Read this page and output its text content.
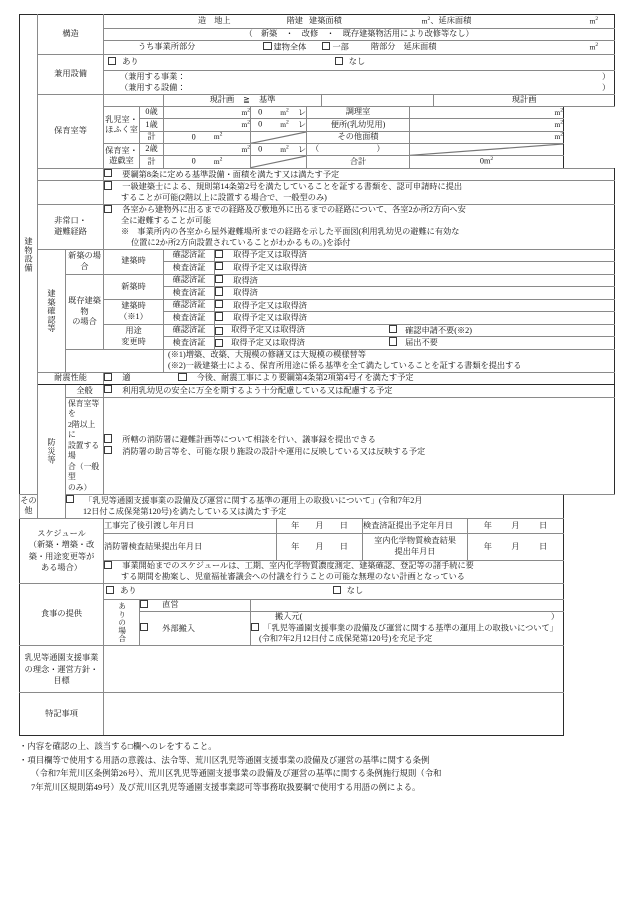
建物設備
	構造	
造 地上	階建 建築面積	$m^2$ 、延床面積	$m^2$

			（　新築　・　改修　・　既存建築物活用により改修等なし）											

			うち事業所部分 建物全体 一部 階部分　延床面積 $m^2$

	兼用設備		あり なし											

			（兼用する事業： ）
（兼用する設備： ）											

	保育室等				現計画 ≧ 基準								現計画	

			乳児室・
ほふく室	0歳	$m^2$		0 $m^2$ レ		調理室			$m^2$
				1歳	$m^2$		0 $m^2$ レ		便所(乳幼児用)			$m^2$
				計	0 $m^2$				その他面積			$m^2$

			保育室・
遊戯室	2歳	$m^2$		0 $m^2$ レ		（　　　　　　　）	

				計	0 $m^2$				合計			$0m^2$
			要綱第8条に定める基準設備・面積を満たす又は満たす予定											
			一級建築士による、規則第14条第2号を満たしていることを証する書類を、認可申請時に提出
することが可能(2階以上に設置する場合で、一般型のみ)											

	非常口・
避難経路		各室から建物外に出るまでの経路及び敷地外に出るまでの経路について、各室2か所2方向へ安
全に避難することが可能
※　事業所内の各室から屋外避難場所までの経路を示した平面図(利用乳幼児の避難に有効な
位置に2か所2方向設置されていることがわかるもの。)を添付											

	建築確認等	新築の場合	建築時		確認済証	取得予定又は取得済								
					検査済証	取得予定又は取得済								

		既存建築物
の場合	新築時		確認済証	取得済								
					検査済証	取得済								

			建築時
（※1）		確認済証	取得予定又は取得済								
					検査済証	取得予定又は取得済								

			用途
変更時		確認済証	取得予定又は取得済 確認申請不要(※2)								

					検査済証	取得予定又は取得済 届出不要								

					(※1)増築、改築、大規模の修繕又は大規模の模様替等
(※2)一級建築士による、保育所用途に係る基準を全て満たしていることを証する書類を提出する									

	耐震性能		適 今後、耐震工事により要綱第4条第2項第4号イを満たす予定											

	防災等	全般	利用乳幼児の安全に万全を期するよう十分配慮している又は配慮する予定											

保育室等を
2階以上に
設置する場
合（一般型
のみ）

所轄の消防署に避難計画等について相談を行い、議事録を提出できる
消防署の助言等を、可能な限り施設の設計や運用に反映している又は反映する予定

その他		「乳児等通園支援事業の設備及び運営に関する基準の運用上の取扱いについて」(令和7年2月
12日付こ成保発第120号)を満たしている又は満たす予定												

スケジュール
（新築・増築・改
築・用途変更等が
ある場合）			工事完了後引渡し年月日					年 月 日			検査済証提出予定年月日			年 月 日

			消防署検査結果提出年月日					年 月 日			室内化学物質検査結果
提出年月日			年 月 日

			事業開始までのスケジュールは、工期、室内化学物質濃度測定、建築確認、登記等の諸手続に要
する期間を勘案し、児童福祉審議会への付議を行うことの可能な無理のない計画となっている											

食事の提供			あり なし											

			ありの場合	直営										
				外部搬入			搬入元( ）
「乳児等通園支援事業の設備及び運営に関する基準の運用上の取扱いについて」
(令和7年2月12日付こ成保発第120号)を充足予定							

乳児等通園支援事業
の理念・運営方針・
目標														

特記事項														

・内容を確認の上、該当する□欄へのレをすること。

・項目欄等で使用する用語の意義は、法令等、荒川区乳児等通園支援事業の設備及び運営の基準に関する条例

（令和7年荒川区条例第26号）、荒川区乳児等通園支援事業の設備及び運営の基準に関する条例施行規則（令和

7年荒川区規則第49号）及び荒川区乳児等通園支援事業認可等事務取扱要綱で使用する用語の例による。
